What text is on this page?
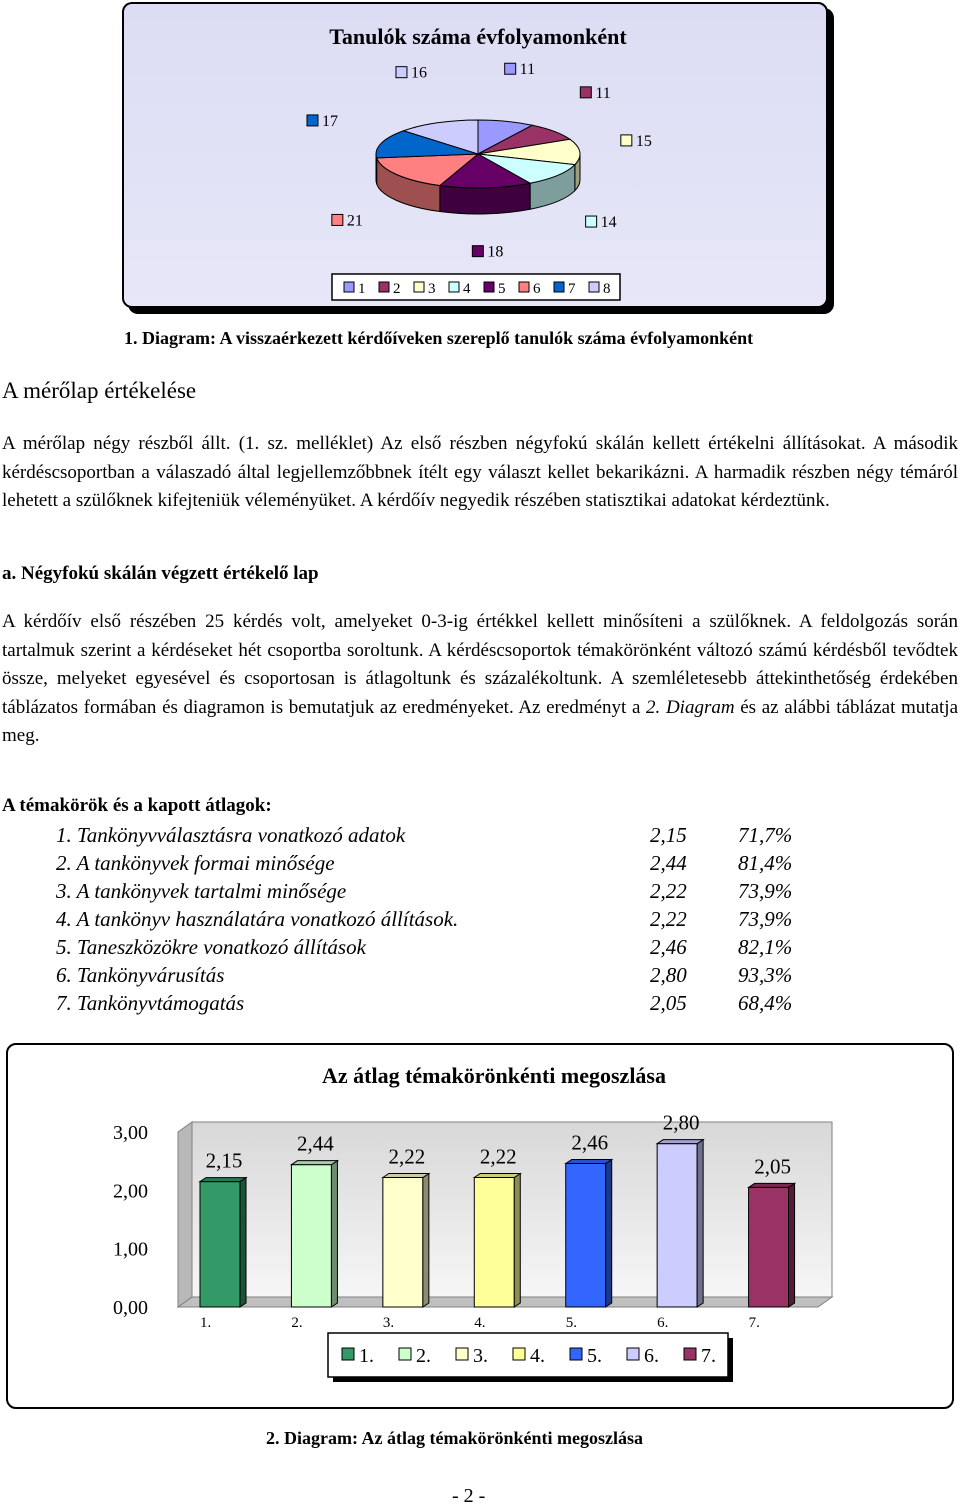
Tanulók száma évfolyamonként
11
11
15
14
18
21
17
16
1 2 3 4 5 6 7 8
1. Diagram: A visszaérkezett kérdőíveken szereplő tanulók száma évfolyamonként
A mérőlap értékelése

A mérőlap négy részből állt. (1. sz. melléklet) Az első részben négyfokú skálán kellett értékelni állításokat. A második kérdéscsoportban a válaszadó által legjellemzőbbnek ítélt egy választ kellet bekarikázni. A harmadik részben négy témáról lehetett a szülőknek kifejteniük véleményüket. A kérdőív negyedik részében statisztikai adatokat kérdeztünk.

a. Négyfokú skálán végzett értékelő lap

A kérdőív első részében 25 kérdés volt, amelyeket 0-3-ig értékkel kellett minősíteni a szülőknek. A feldolgozás során tartalmuk szerint a kérdéseket hét csoportba soroltunk. A kérdéscsoportok témakörönként változó számú kérdésből tevődtek össze, melyeket egyesével és csoportosan is átlagoltunk és százalékoltunk. A szemléletesebb áttekinthetőség érdekében táblázatos formában és diagramon is bemutatjuk az eredményeket. Az eredményt a 2. Diagram és az alábbi táblázat mutatja meg.

A témakörök és a kapott átlagok:
1. Tankönyvválasztásra vonatkozó adatok	2,15 71,7%
2. A tankönyvek formai minősége	2,44 81,4%
3. A tankönyvek tartalmi minősége	2,22 73,9%
4. A tankönyv használatára vonatkozó állítások.	2,22 73,9%
5. Taneszközökre vonatkozó állítások	2,46 82,1%
6. Tankönyvárusítás	2,80 93,3%
7. Tankönyvtámogatás	2,05 68,4%
Az átlag témakörönkénti megoszlása
0,00
1,00
2,00
3,00
2,15
1.
2,44
2.
2,22
3.
2,22
4.
2,46
5.
2,80
6.
2,05
7.
1. 2. 3. 4. 5. 6. 7.
2. Diagram: Az átlag témakörönkénti megoszlása
- 2 -
